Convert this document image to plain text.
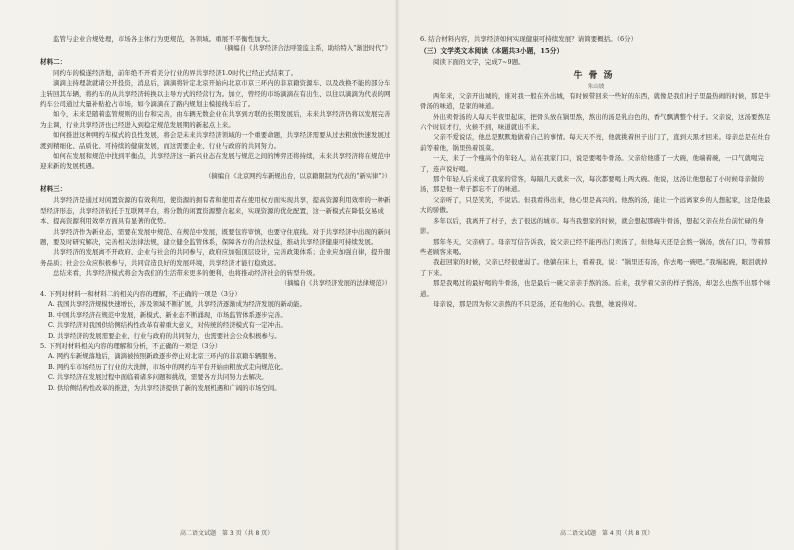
监管与企业合规处理，市场各主体行为更规范，各领域。重展不平衡性加大。

（摘编自《共享经济合法呼签监主系，助给特入“渐进时代”》
材料二：

同约车的模遂经济地，前年绝不开看美分行业的界共享经济1.0时代已经正式结束了。

滴滴主持理款就诸公开投资，消息后，滴滴将针定北京开始向北京市京三环内的非京籍资源车、以及改换不能的部分车主转回其车辆，将约车的从共享经济转换以主导方式的经营行为。加立，曾经的市场滴滴在有出生、以往以滴滴为代表的网约车公司通过大量补贴抢占市场，如今滴滴在了路内规划主模接线车后了。

如今，未来是随着监管规则的出台和完善，由车辆无数企业在共享到方联的长期发展后，未来共享经济仍将以发展完善为主调，行业共享经济也已经进入到稳定规范发展期的新起点上来。

如何推进这种网约车模式的良性发展，将会是未来共享经济领域的一个重要命题，共享经济需要从过去粗放快速发展过渡到精细化、品质化、可持续的健康发展，而这需要企业、行业与政府的共同努力。

如何在发展和规范中找到平衡点，共享经济这一新兴业态在发展与规范之间的博弈还将持续，未来共享经济将在规范中迎来新的发展机遇。

（摘编自《北京网约车新规出台，以京籍限制为代表的“新实律”》）
材料三：

共享经济是通过对闲置资源的有效利用，使资源的拥有者和使用者在使用权方面实现共享，提高资源利用效率的一种新型经济形态，共享经济依托于互联网平台，将分散的闲置资源整合起来，实现资源的优化配置，这一新模式在降低交易成本、提高资源利用效率方面具有显著的优势。

共享经济作为新业态，需要在发展中规范、在规范中发展，既要包容审慎，也要守住底线。对于共享经济中出现的新问题，要及时研究解决，完善相关法律法规，建立健全监管体系，保障各方的合法权益，推动共享经济健康可持续发展。

共享经济的发展离不开政府、企业与社会的共同参与，政府应加强顶层设计，完善政策体系；企业应加强自律，提升服务品质；社会公众应积极参与，共同营造良好的发展环境，共享经济才能行稳致远。

总结来看，共享经济模式将会为我们的生活带来更多的便利，也将推动经济社会的转型升级。

（摘编自《共享经济发展的法律规范》）
4. 下列对材料一和材料二的相关内容的理解，不正确的一项是（3分）

A. 我国共享经济规模快速增长，涉及领域不断扩展，共享经济逐渐成为经济发展的新动能。

B. 中国共享经济在规范中发展，新模式、新业态不断涌现，市场监管体系逐步完善。

C. 共享经济对我国供给侧结构性改革有着重大意义，对传统的经济模式有一定冲击。

D. 共享经济的发展需要企业、行业与政府的共同努力，也需要社会公众积极参与。

5. 下列对材料相关内容的理解和分析，不正确的一项是（3分）

A. 网约车新规落地后，滴滴被按照新政逐步停止对北京三环内的非京籍车辆服务。

B. 网约车市场经历了行业的大洗牌，市场中的网约车平台开始由粗放式走向规范化。

C. 共享经济在发展过程中面临着诸多问题和挑战，需要各方共同努力去解决。

D. 供给侧结构性改革的推进，为共享经济提供了新的发展机遇和广阔的市场空间。

6. 结合材料内容，共享经济如何实现健康可持续发展？请简要概括。（6分）
（三）文学类文本阅读（本题共3小题，15分）
阅读下面的文字，完成7~9题。
牛骨汤
朱山坡

两年来，父亲开出城的，谁对我一般在外出城，有时候带回来一些好的东西，就像是我们村子里最热闹的时候，那是牛骨汤的味道，是家的味道。

外出卖骨汤的人每天半夜里起床，把骨头放在锅里熬，熬出的汤是乳白色的，香气飘满整个村子。父亲说，这汤要熬足六个时辰才行，火候不到，味道就出不来。

父亲不爱说话，他总是默默地做着自己的事情。每天天不亮，他就挑着担子出门了，直到天黑才回来。母亲总是在灶台前等着他，锅里热着饭菜。

一天，来了一个瘦高个的年轻人，站在我家门口，说是要喝牛骨汤。父亲给他盛了一大碗，他端着碗，一口气就喝完了，连声说好喝。

那个年轻人后来成了我家的常客，每隔几天就来一次，每次都要喝上两大碗。他说，这汤让他想起了小时候母亲做的汤，那是他一辈子都忘不了的味道。

父亲听了，只是笑笑，不说话。但我看得出来，他心里是高兴的。他熬的汤，能让一个远离家乡的人想起家，这是他最大的骄傲。

多年以后，我离开了村子，去了很远的城市。每当我想家的时候，就会想起那碗牛骨汤，想起父亲在灶台前忙碌的身影。

那年冬天，父亲病了。母亲写信告诉我，说父亲已经不能再出门卖汤了，但他每天还是会熬一锅汤，放在门口，等着那些老顾客来喝。

我赶回家的时候，父亲已经很虚弱了。他躺在床上，看着我，说：“锅里还有汤，你去喝一碗吧。”我端起碗，眼泪就掉了下来。

那是我喝过的最好喝的牛骨汤，也是最后一碗父亲亲手熬的汤。后来，我学着父亲的样子熬汤，却怎么也熬不出那个味道。

母亲说，那是因为你父亲熬的不只是汤，还有他的心。我想，她说得对。

高二语文试题　第 3 页（共 8 页）	高二语文试题　第 4 页（共 8 页）
